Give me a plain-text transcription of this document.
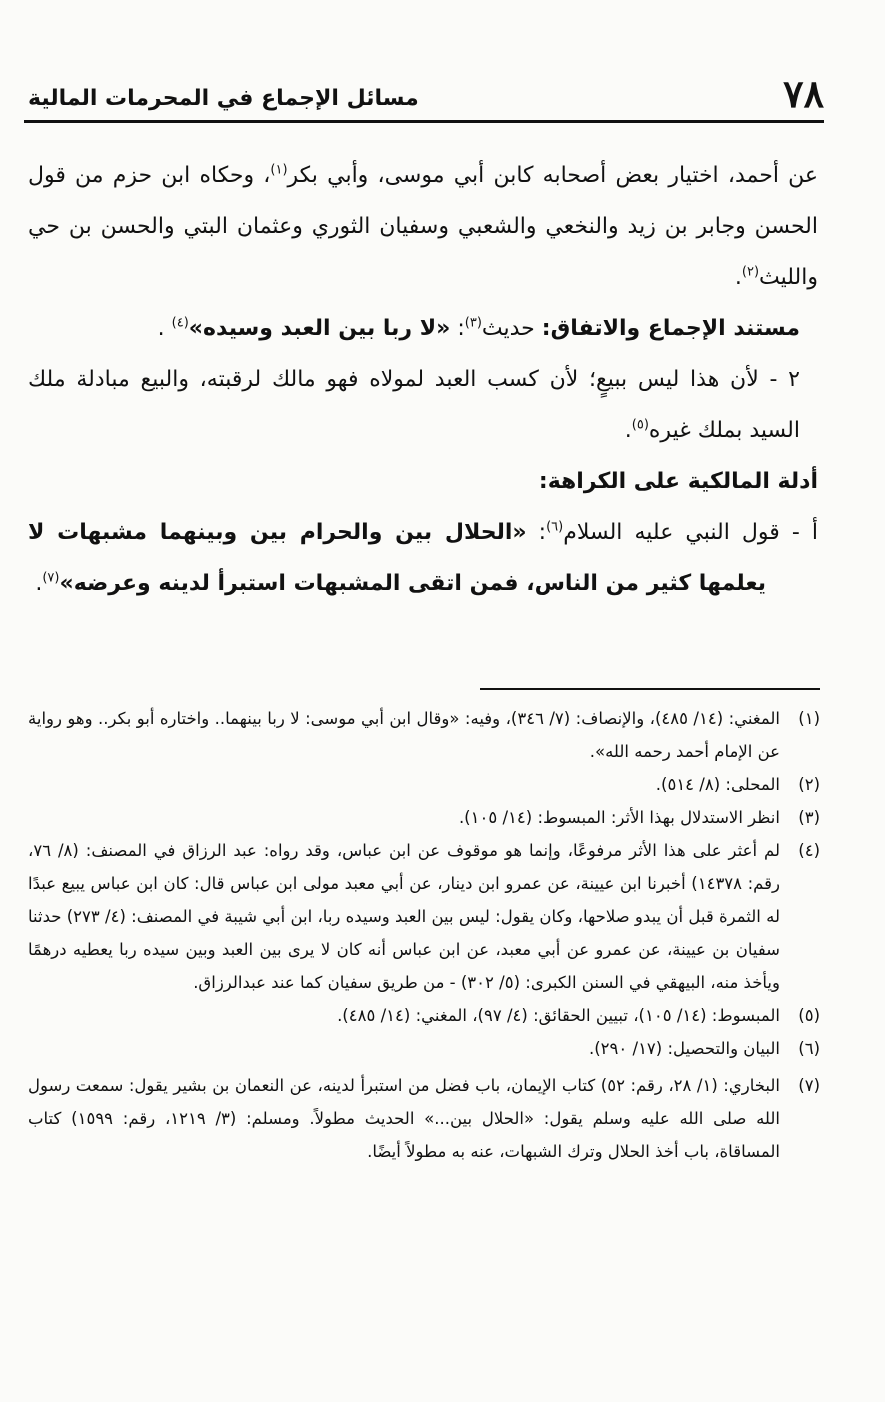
٧٨
مسائل الإجماع في المحرمات المالية

عن أحمد، اختيار بعض أصحابه كابن أبي موسى، وأبي بكر$^{(١)}$، وحكاه ابن حزم من قول الحسن وجابر بن زيد والنخعي والشعبي وسفيان الثوري وعثمان البتي والحسن بن حي والليث$^{(٢)}$.

مستند الإجماع والاتفاق: حديث$^{(٣)}$: «لا ربا بين العبد وسيده»$^{(٤)}$ .

٢ - لأن هذا ليس ببيعٍ؛ لأن كسب العبد لمولاه فهو مالك لرقبته، والبيع مبادلة ملك السيد بملك غيره$^{(٥)}$.

أدلة المالكية على الكراهة:

أ - قول النبي عليه السلام$^{(٦)}$: «الحلال بين والحرام بين وبينهما مشبهات لا يعلمها كثير من الناس، فمن اتقى المشبهات استبرأ لدينه وعرضه»$^{(٧)}$.

(١)
المغني: (١٤/ ٤٨٥)، والإنصاف: (٧/ ٣٤٦)، وفيه: «وقال ابن أبي موسى: لا ربا بينهما.. واختاره أبو بكر.. وهو رواية عن الإمام أحمد رحمه الله».
(٢)
المحلى: (٨/ ٥١٤).
(٣)
انظر الاستدلال بهذا الأثر: المبسوط: (١٤/ ١٠٥).
(٤)
لم أعثر على هذا الأثر مرفوعًا، وإنما هو موقوف عن ابن عباس، وقد رواه: عبد الرزاق في المصنف: (٨/ ٧٦، رقم: ١٤٣٧٨) أخبرنا ابن عيينة، عن عمرو ابن دينار، عن أبي معبد مولى ابن عباس قال: كان ابن عباس يبيع عبدًا له الثمرة قبل أن يبدو صلاحها، وكان يقول: ليس بين العبد وسيده ربا، ابن أبي شيبة في المصنف: (٤/ ٢٧٣) حدثنا سفيان بن عيينة، عن عمرو عن أبي معبد، عن ابن عباس أنه كان لا يرى بين العبد وبين سيده ربا يعطيه درهمًا ويأخذ منه، البيهقي في السنن الكبرى: (٥/ ٣٠٢) - من طريق سفيان كما عند عبدالرزاق.
(٥)
المبسوط: (١٤/ ١٠٥)، تبيين الحقائق: (٤/ ٩٧)، المغني: (١٤/ ٤٨٥).
(٦)
البيان والتحصيل: (١٧/ ٢٩٠).
(٧)
البخاري: (١/ ٢٨، رقم: ٥٢) كتاب الإيمان، باب فضل من استبرأ لدينه، عن النعمان بن بشير يقول: سمعت رسول الله صلى الله عليه وسلم يقول: «الحلال بين...» الحديث مطولاً. ومسلم: (٣/ ١٢١٩، رقم: ١٥٩٩) كتاب المساقاة، باب أخذ الحلال وترك الشبهات، عنه به مطولاً أيضًا.
